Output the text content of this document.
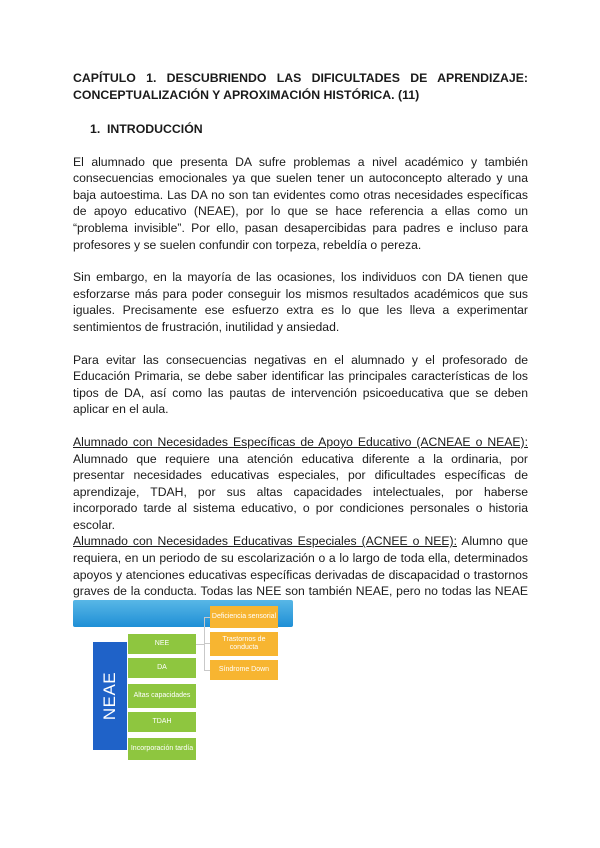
CAPÍTULO 1. DESCUBRIENDO LAS DIFICULTADES DE APRENDIZAJE: CONCEPTUALIZACIÓN Y APROXIMACIÓN HISTÓRICA. (11)

1. INTRODUCCIÓN

El alumnado que presenta DA sufre problemas a nivel académico y también consecuencias emocionales ya que suelen tener un autoconcepto alterado y una baja autoestima. Las DA no son tan evidentes como otras necesidades específicas de apoyo educativo (NEAE), por lo que se hace referencia a ellas como un “problema invisible”. Por ello, pasan desapercibidas para padres e incluso para profesores y se suelen confundir con torpeza, rebeldía o pereza.

Sin embargo, en la mayoría de las ocasiones, los individuos con DA tienen que esforzarse más para poder conseguir los mismos resultados académicos que sus iguales. Precisamente ese esfuerzo extra es lo que les lleva a experimentar sentimientos de frustración, inutilidad y ansiedad.

Para evitar las consecuencias negativas en el alumnado y el profesorado de Educación Primaria, se debe saber identificar las principales características de los tipos de DA, así como las pautas de intervención psicoeducativa que se deben aplicar en el aula.

Alumnado con Necesidades Específicas de Apoyo Educativo (ACNEAE o NEAE): Alumnado que requiere una atención educativa diferente a la ordinaria, por presentar necesidades educativas especiales, por dificultades específicas de aprendizaje, TDAH, por sus altas capacidades intelectuales, por haberse incorporado tarde al sistema educativo, o por condiciones personales o historia escolar.

Alumnado con Necesidades Educativas Especiales (ACNEE o NEE): Alumno que requiera, en un periodo de su escolarización o a lo largo de toda ella, determinados apoyos y atenciones educativas específicas derivadas de discapacidad o trastornos graves de la conducta. Todas las NEE son también NEAE, pero no todas las NEAE

NEAE
NEE
DA
Altas capacidades
TDAH
Incorporación tardía
Deficiencia sensorial
Trastornos de conducta
Síndrome Down
